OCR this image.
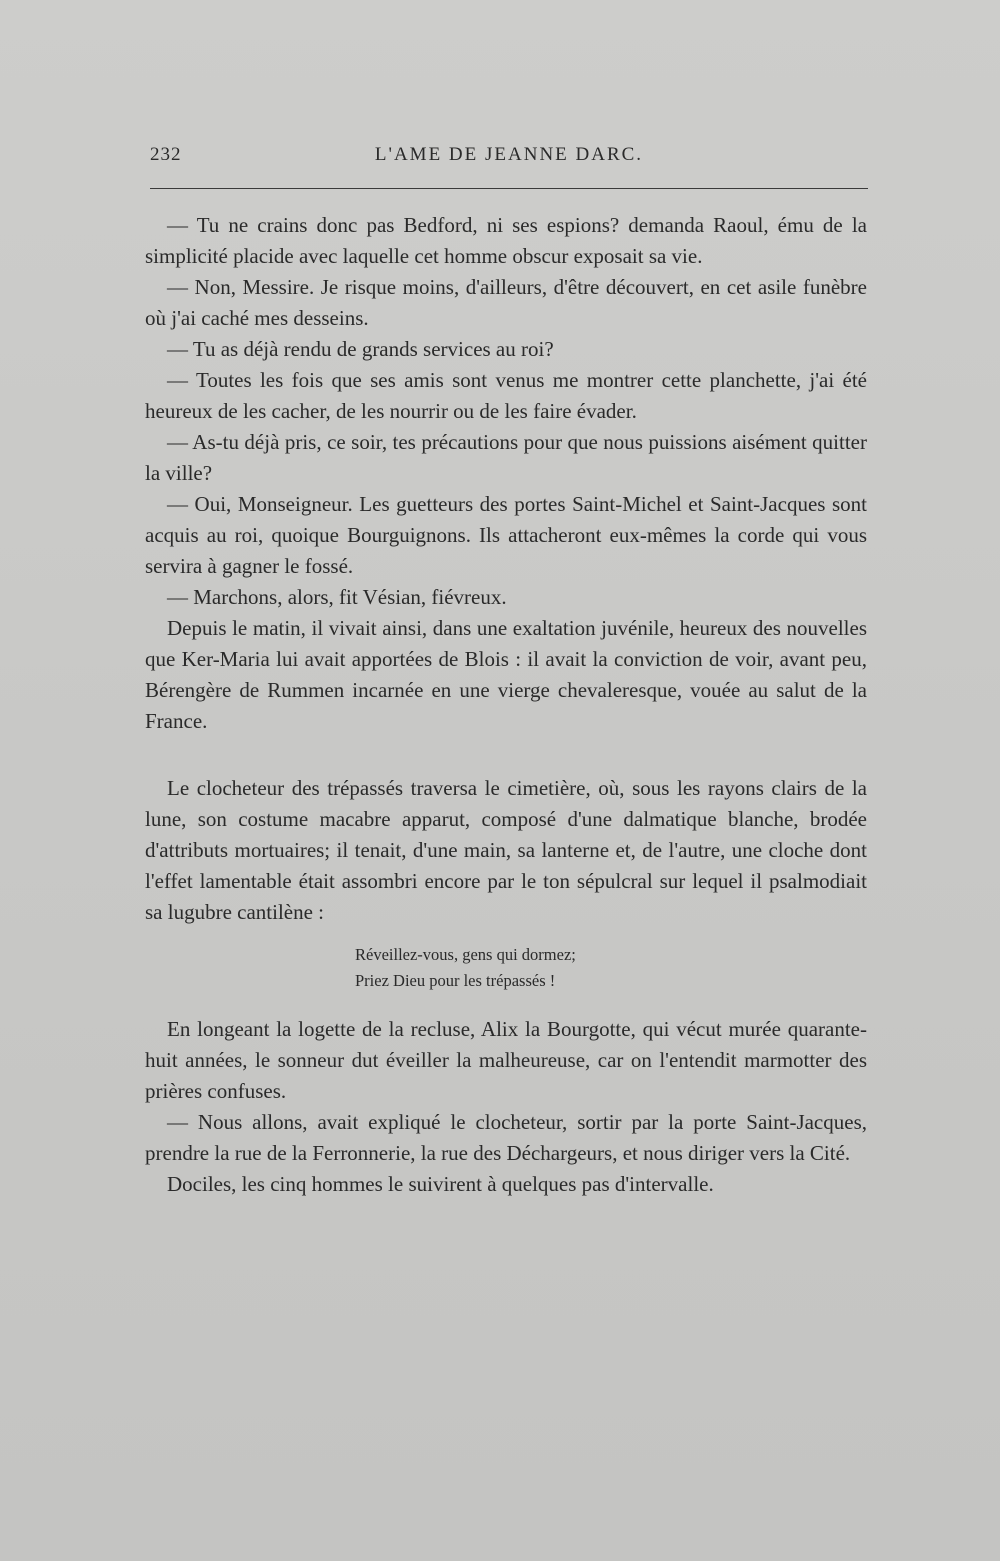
232	L'AME DE JEANNE DARC.

— Tu ne crains donc pas Bedford, ni ses espions? demanda Raoul, ému de la simplicité placide avec laquelle cet homme obscur exposait sa vie.

— Non, Messire. Je risque moins, d'ailleurs, d'être découvert, en cet asile funèbre où j'ai caché mes desseins.

— Tu as déjà rendu de grands services au roi?

— Toutes les fois que ses amis sont venus me montrer cette planchette, j'ai été heureux de les cacher, de les nourrir ou de les faire évader.

— As-tu déjà pris, ce soir, tes précautions pour que nous puissions aisément quitter la ville?

— Oui, Monseigneur. Les guetteurs des portes Saint-Michel et Saint-Jacques sont acquis au roi, quoique Bourguignons. Ils attacheront eux-mêmes la corde qui vous servira à gagner le fossé.

— Marchons, alors, fit Vésian, fiévreux.

Depuis le matin, il vivait ainsi, dans une exaltation juvénile, heureux des nouvelles que Ker-Maria lui avait apportées de Blois : il avait la conviction de voir, avant peu, Bérengère de Rummen incarnée en une vierge chevaleresque, vouée au salut de la France.

Le clocheteur des trépassés traversa le cimetière, où, sous les rayons clairs de la lune, son costume macabre apparut, composé d'une dalmatique blanche, brodée d'attributs mortuaires; il tenait, d'une main, sa lanterne et, de l'autre, une cloche dont l'effet lamentable était assombri encore par le ton sépulcral sur lequel il psalmodiait sa lugubre cantilène :

Réveillez-vous, gens qui dormez;
Priez Dieu pour les trépassés !

En longeant la logette de la recluse, Alix la Bourgotte, qui vécut murée quarante-huit années, le sonneur dut éveiller la malheureuse, car on l'entendit marmotter des prières confuses.

— Nous allons, avait expliqué le clocheteur, sortir par la porte Saint-Jacques, prendre la rue de la Ferronnerie, la rue des Déchargeurs, et nous diriger vers la Cité.

Dociles, les cinq hommes le suivirent à quelques pas d'intervalle.
